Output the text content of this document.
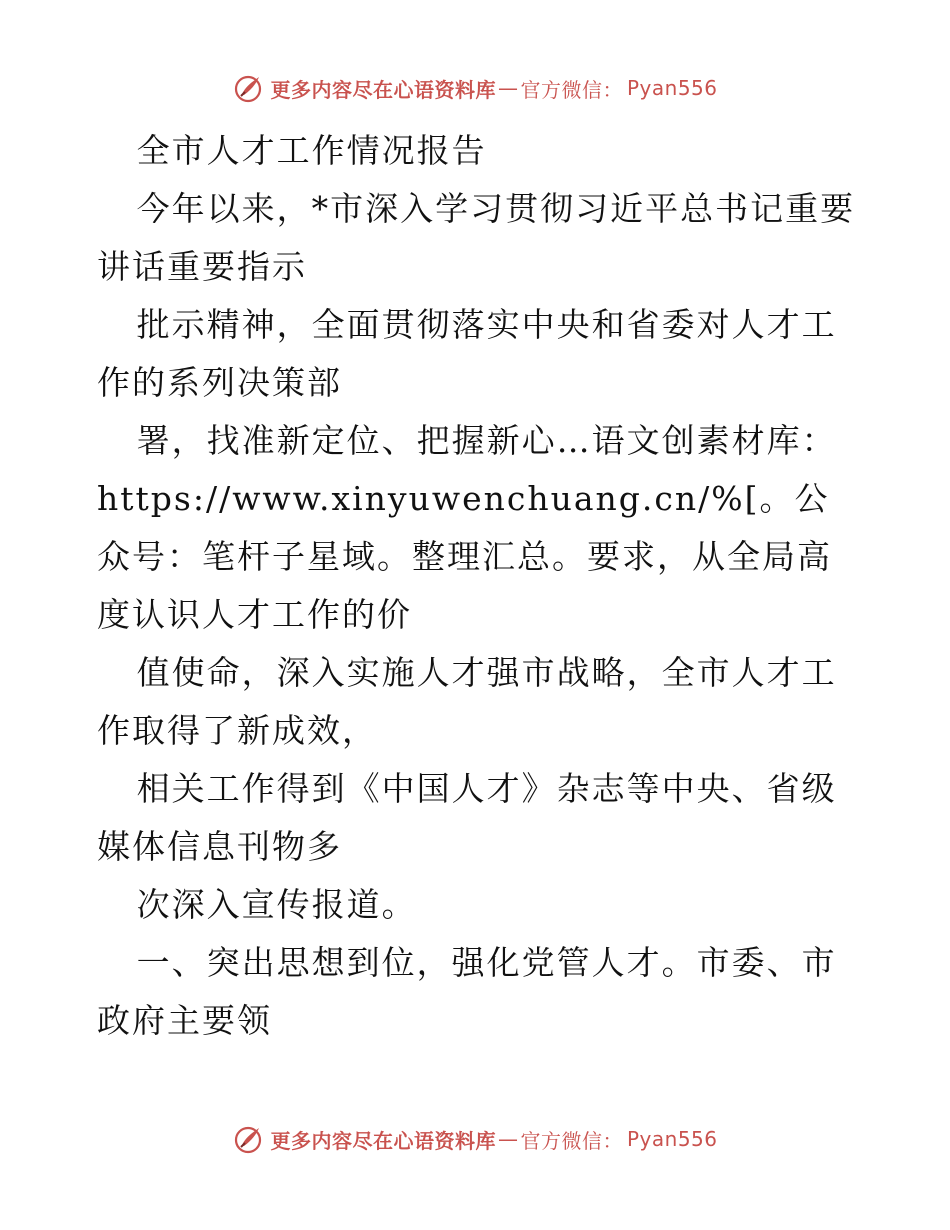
更多内容尽在心语资料库 — 官方微信： Pyan556

全市人才工作情况报告

今年以来，*市深入学习贯彻习近平总书记重要讲话重要指示

批示精神，全面贯彻落实中央和省委对人才工作的系列决策部

署，找准新定位、把握新心…语文创素材库：https://www.xinyuwenchuang.cn/%[。公众号：笔杆子星域。整理汇总。要求，从全局高度认识人才工作的价

值使命，深入实施人才强市战略，全市人才工作取得了新成效，

相关工作得到《中国人才》杂志等中央、省级媒体信息刊物多

次深入宣传报道。

一、突出思想到位，强化党管人才。市委、市政府主要领

更多内容尽在心语资料库 — 官方微信： Pyan556
